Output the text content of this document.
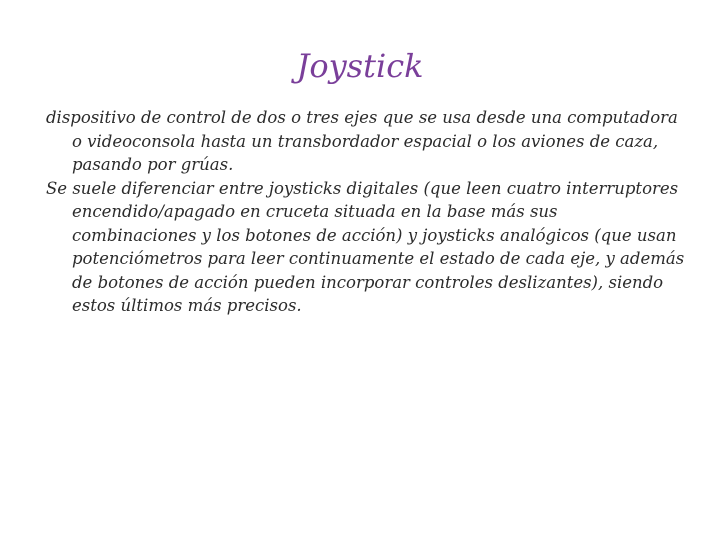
Joystick

dispositivo de control de dos o tres ejes que se usa desde una computadora o videoconsola hasta un transbordador espacial o los aviones de caza, pasando por grúas.

Se suele diferenciar entre joysticks digitales (que leen cuatro interruptores encendido/apagado en cruceta situada en la base más sus combinaciones y los botones de acción) y joysticks analógicos (que usan potenciómetros para leer continuamente el estado de cada eje, y además de botones de acción pueden incorporar controles deslizantes), siendo estos últimos más precisos.
